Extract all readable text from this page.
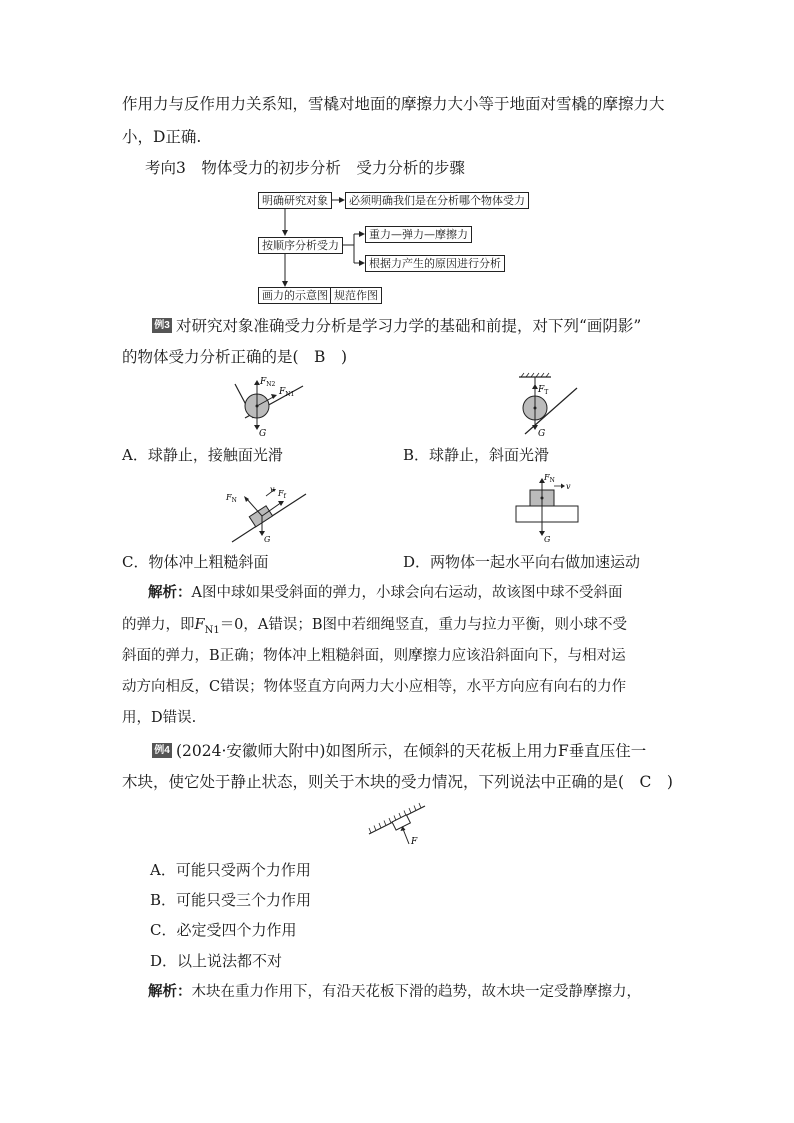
作用力与反作用力关系知，雪橇对地面的摩擦力大小等于地面对雪橇的摩擦力大
小，D正确.
考向3　物体受力的初步分析　受力分析的步骤
明确研究对象	必须明确我们是在分析哪个物体受力
按顺序分析受力
重力—弹力—摩擦力
根据力产生的原因进行分析
画力的示意图 规范作图
例3 对研究对象准确受力分析是学习力学的基础和前提，对下列“画阴影”
的物体受力分析正确的是(　B　)
$F_{N2}$
$F_{N1}$
G
$F_T$
G
A．球静止，接触面光滑	B．球静止，斜面光滑
$F_N$
v $F_f$
G
$F_N$
v
G
C．物体冲上粗糙斜面	D．两物体一起水平向右做加速运动
解析：A图中球如果受斜面的弹力，小球会向右运动，故该图中球不受斜面
的弹力，即$F_{N1}=0$，A错误；B图中若细绳竖直，重力与拉力平衡，则小球不受
斜面的弹力，B正确；物体冲上粗糙斜面，则摩擦力应该沿斜面向下，与相对运
动方向相反，C错误；物体竖直方向两力大小应相等，水平方向应有向右的力作
用，D错误.
例4 (2024·安徽师大附中)如图所示，在倾斜的天花板上用力F垂直压住一
木块，使它处于静止状态，则关于木块的受力情况，下列说法中正确的是(　C　)
F
A．可能只受两个力作用
B．可能只受三个力作用
C．必定受四个力作用
D．以上说法都不对
解析：木块在重力作用下，有沿天花板下滑的趋势，故木块一定受静摩擦力，
